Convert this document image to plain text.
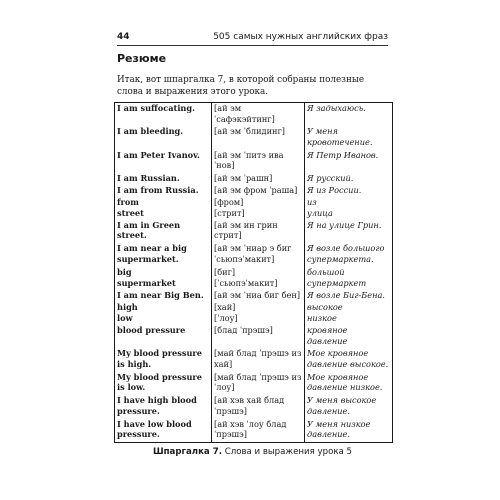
44	505 самых нужных английских фраз
Резюме
Итак, вот шпаргалка 7, в которой собраны полезные слова и выражения этого урока.
I am suffocating.	[ай эм ˈсафэкэйтинг]	Я задыхаюсь.
I am bleeding.	[ай эм ˈблидинг]	У меня кровотечение.
I am Peter Ivanov.	[ай эм ˈпитэ иваˈнов]	Я Петр Иванов.
I am Russian.	[ай эм ˈрашн]	Я русский.
I am from Russia.	[ай эм фром ˈраша]	Я из России.
from	[фром]	из
street	[стрит]	улица
I am in Green street.	[ай эм ин грин стрит]	Я на улице Грин.
I am near a big supermarket.	[ай эм ˈниар э биг ˈсьюпэˈмакит]	Я возле большого супермаркета.
big	[биг]	большой
supermarket	[ˈсьюпэˈмакит]	супермаркет
I am near Big Ben.	[ай эм ˈниа биг бен]	Я возле Биг-Бена.
high	[хай]	высокое
low	[ˈлоу]	низкое
blood pressure	[блад ˈпрэшэ]	кровяное давление
My blood pressure is high.	[май блад ˈпрэшэ из хай]	Мое кровяное давление высокое.
My blood pressure is low.	[май блад ˈпрэшэ из ˈлоу]	Мое кровяное давление низкое.
I have high blood pressure.	[ай хэв хай блад ˈпрэшэ]	У меня высокое давление.
I have low blood pressure.	[ай хэв ˈлоу блад ˈпрэшэ]	У меня низкое давление.
Шпаргалка 7. Слова и выражения урока 5
